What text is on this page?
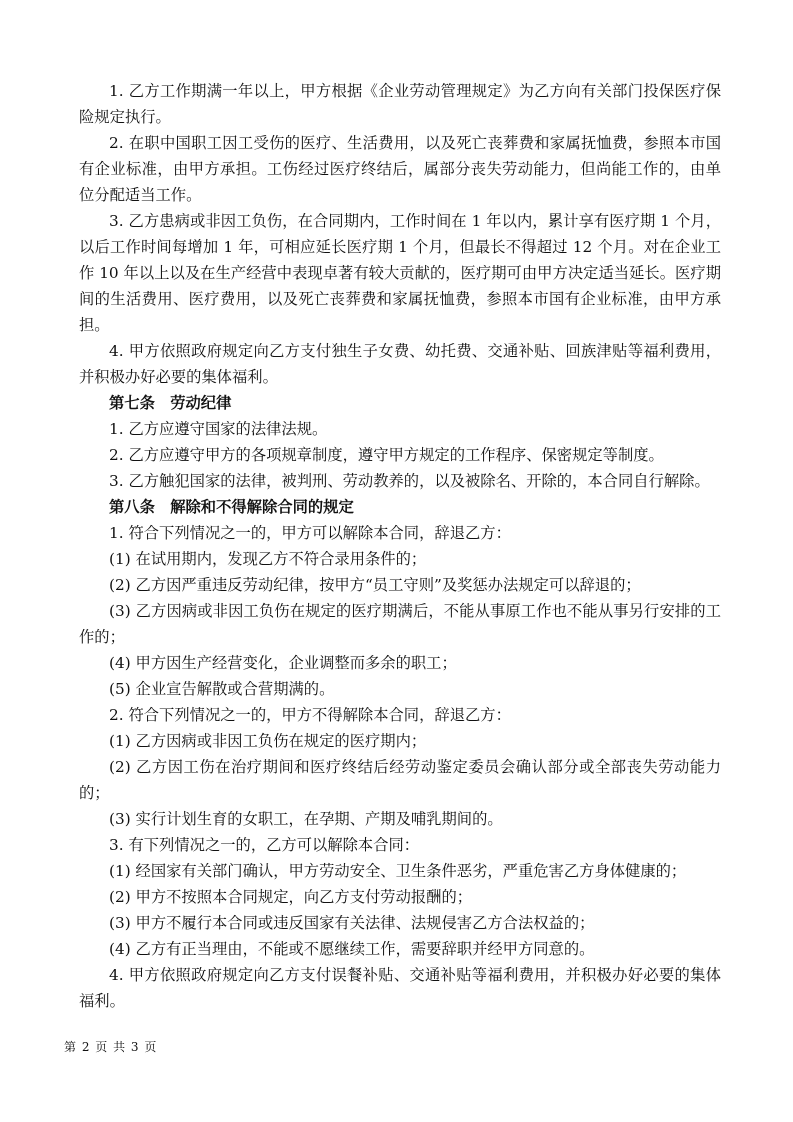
1. 乙方工作期满一年以上，甲方根据《企业劳动管理规定》为乙方向有关部门投保医疗保险规定执行。

2. 在职中国职工因工受伤的医疗、生活费用，以及死亡丧葬费和家属抚恤费，参照本市国有企业标准，由甲方承担。工伤经过医疗终结后，属部分丧失劳动能力，但尚能工作的，由单位分配适当工作。

3. 乙方患病或非因工负伤，在合同期内，工作时间在 1 年以内，累计享有医疗期 1 个月，以后工作时间每增加 1 年，可相应延长医疗期 1 个月，但最长不得超过 12 个月。对在企业工作 10 年以上以及在生产经营中表现卓著有较大贡献的，医疗期可由甲方决定适当延长。医疗期间的生活费用、医疗费用，以及死亡丧葬费和家属抚恤费，参照本市国有企业标准，由甲方承担。

4. 甲方依照政府规定向乙方支付独生子女费、幼托费、交通补贴、回族津贴等福利费用，并积极办好必要的集体福利。

第七条　劳动纪律

1. 乙方应遵守国家的法律法规。

2. 乙方应遵守甲方的各项规章制度，遵守甲方规定的工作程序、保密规定等制度。

3. 乙方触犯国家的法律，被判刑、劳动教养的，以及被除名、开除的，本合同自行解除。

第八条　解除和不得解除合同的规定

1. 符合下列情况之一的，甲方可以解除本合同，辞退乙方：

(1) 在试用期内，发现乙方不符合录用条件的；

(2) 乙方因严重违反劳动纪律，按甲方“员工守则”及奖惩办法规定可以辞退的；

(3) 乙方因病或非因工负伤在规定的医疗期满后，不能从事原工作也不能从事另行安排的工作的；

(4) 甲方因生产经营变化，企业调整而多余的职工；

(5) 企业宣告解散或合营期满的。

2. 符合下列情况之一的，甲方不得解除本合同，辞退乙方：

(1) 乙方因病或非因工负伤在规定的医疗期内；

(2) 乙方因工伤在治疗期间和医疗终结后经劳动鉴定委员会确认部分或全部丧失劳动能力的；

(3) 实行计划生育的女职工，在孕期、产期及哺乳期间的。

3. 有下列情况之一的，乙方可以解除本合同：

(1) 经国家有关部门确认，甲方劳动安全、卫生条件恶劣，严重危害乙方身体健康的；

(2) 甲方不按照本合同规定，向乙方支付劳动报酬的；

(3) 甲方不履行本合同或违反国家有关法律、法规侵害乙方合法权益的；

(4) 乙方有正当理由，不能或不愿继续工作，需要辞职并经甲方同意的。

4. 甲方依照政府规定向乙方支付误餐补贴、交通补贴等福利费用，并积极办好必要的集体福利。

第 2 页 共 3 页
